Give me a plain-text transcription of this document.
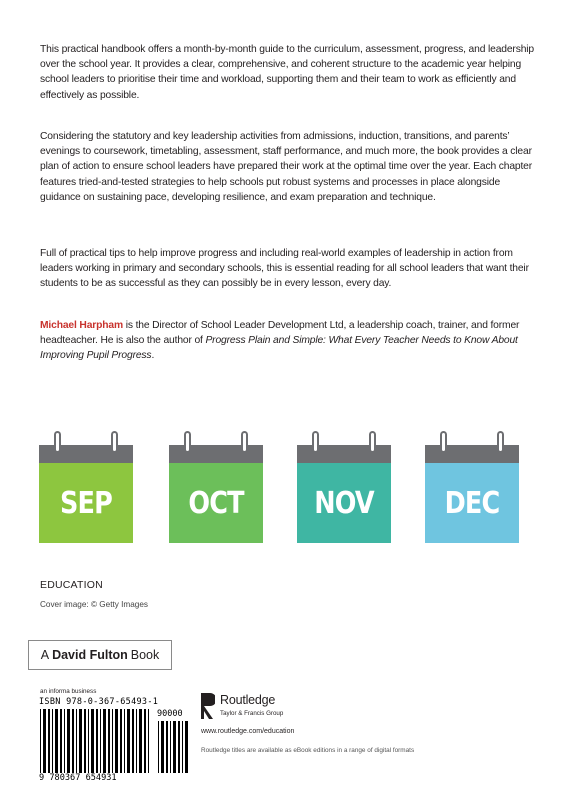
This practical handbook offers a month-by-month guide to the curriculum, assessment, progress, and leadership over the school year. It provides a clear, comprehensive, and coherent structure to the academic year helping school leaders to prioritise their time and workload, supporting them and their team to work as efficiently and effectively as possible.

Considering the statutory and key leadership activities from admissions, induction, transitions, and parents’ evenings to coursework, timetabling, assessment, staff performance, and much more, the book provides a clear plan of action to ensure school leaders have prepared their work at the optimal time over the year. Each chapter features tried-and-tested strategies to help schools put robust systems and processes in place alongside guidance on sustaining pace, developing resilience, and exam preparation and technique.

Full of practical tips to help improve progress and including real-world examples of leadership in action from leaders working in primary and secondary schools, this is essential reading for all school leaders that want their students to be as successful as they can possibly be in every lesson, every day.

Michael Harpham is the Director of School Leader Development Ltd, a leadership coach, trainer, and former headteacher. He is also the author of Progress Plain and Simple: What Every Teacher Needs to Know About Improving Pupil Progress.

SEP	OCT	NOV	DEC
EDUCATION
Cover image: © Getty Images
A David Fulton Book
an informa business
ISBN 978-0-367-65493-1
90000
9 780367 654931
Routledge
Taylor & Francis Group
www.routledge.com/education
Routledge titles are available as eBook editions in a range of digital formats
